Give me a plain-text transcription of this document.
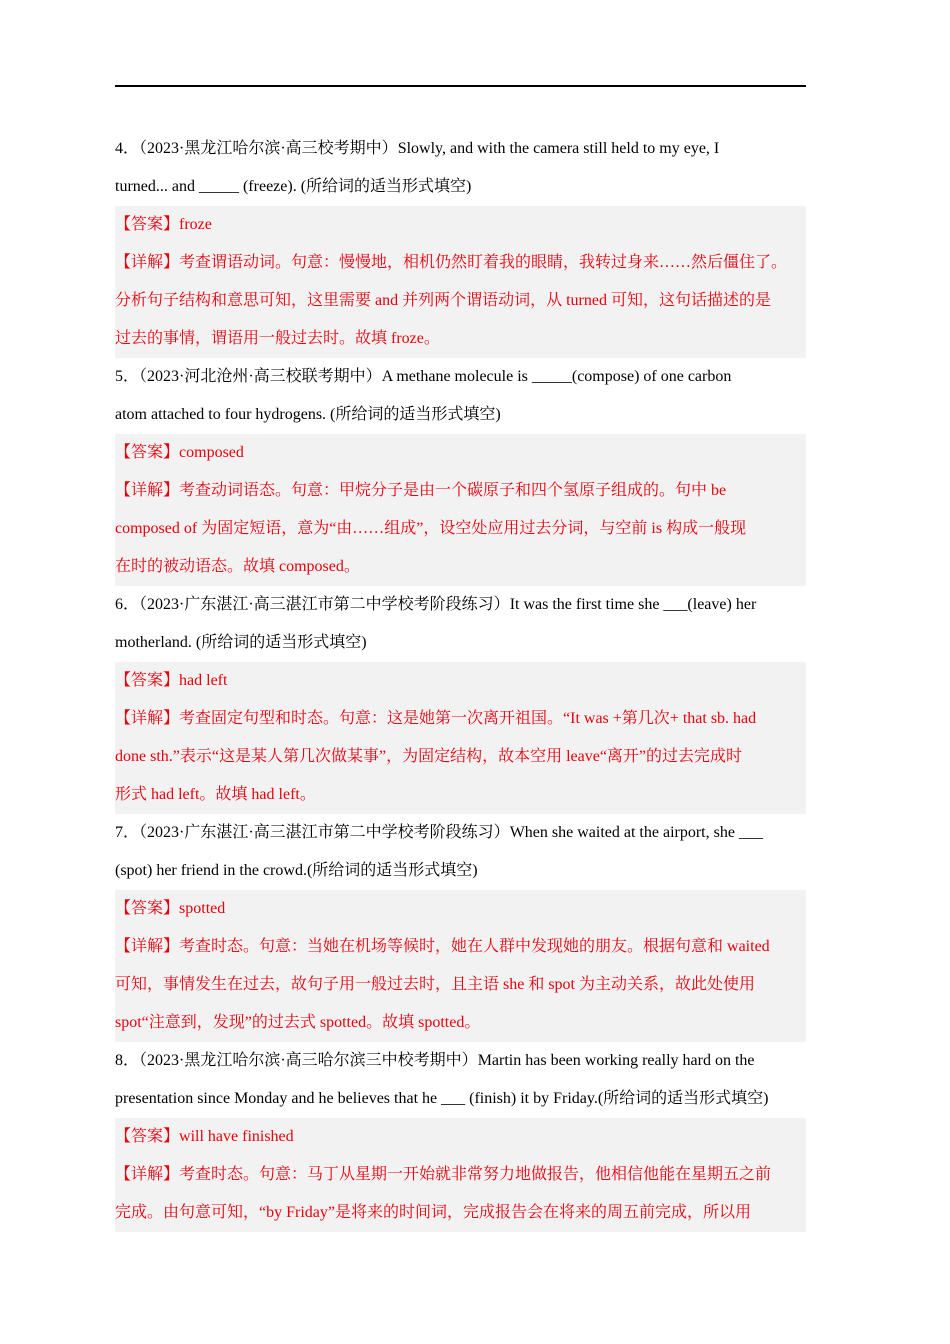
4．（2023·黑龙江哈尔滨·高三校考期中）Slowly, and with the camera still held to my eye, I

turned... and _____ (freeze). (所给词的适当形式填空)

【答案】froze

【详解】考查谓语动词。句意：慢慢地，相机仍然盯着我的眼睛，我转过身来……然后僵住了。

分析句子结构和意思可知，这里需要 and 并列两个谓语动词，从 turned 可知，这句话描述的是

过去的事情，谓语用一般过去时。故填 froze。

5．（2023·河北沧州·高三校联考期中）A methane molecule is _____(compose) of one carbon

atom attached to four hydrogens. (所给词的适当形式填空)

【答案】composed

【详解】考查动词语态。句意：甲烷分子是由一个碳原子和四个氢原子组成的。句中 be

composed of 为固定短语，意为“由……组成”，设空处应用过去分词，与空前 is 构成一般现

在时的被动语态。故填 composed。

6．（2023·广东湛江·高三湛江市第二中学校考阶段练习）It was the first time she ___(leave) her

motherland. (所给词的适当形式填空)

【答案】had left

【详解】考查固定句型和时态。句意：这是她第一次离开祖国。“It was +第几次+ that sb. had

done sth.”表示“这是某人第几次做某事”，为固定结构，故本空用 leave“离开”的过去完成时

形式 had left。故填 had left。

7．（2023·广东湛江·高三湛江市第二中学校考阶段练习）When she waited at the airport, she ___

(spot) her friend in the crowd.(所给词的适当形式填空)

【答案】spotted

【详解】考查时态。句意：当她在机场等候时，她在人群中发现她的朋友。根据句意和 waited

可知，事情发生在过去，故句子用一般过去时，且主语 she 和 spot 为主动关系，故此处使用

spot“注意到，发现”的过去式 spotted。故填 spotted。

8．（2023·黑龙江哈尔滨·高三哈尔滨三中校考期中）Martin has been working really hard on the

presentation since Monday and he believes that he ___ (finish) it by Friday.(所给词的适当形式填空)

【答案】will have finished

【详解】考查时态。句意：马丁从星期一开始就非常努力地做报告，他相信他能在星期五之前

完成。由句意可知，“by Friday”是将来的时间词，完成报告会在将来的周五前完成，所以用
